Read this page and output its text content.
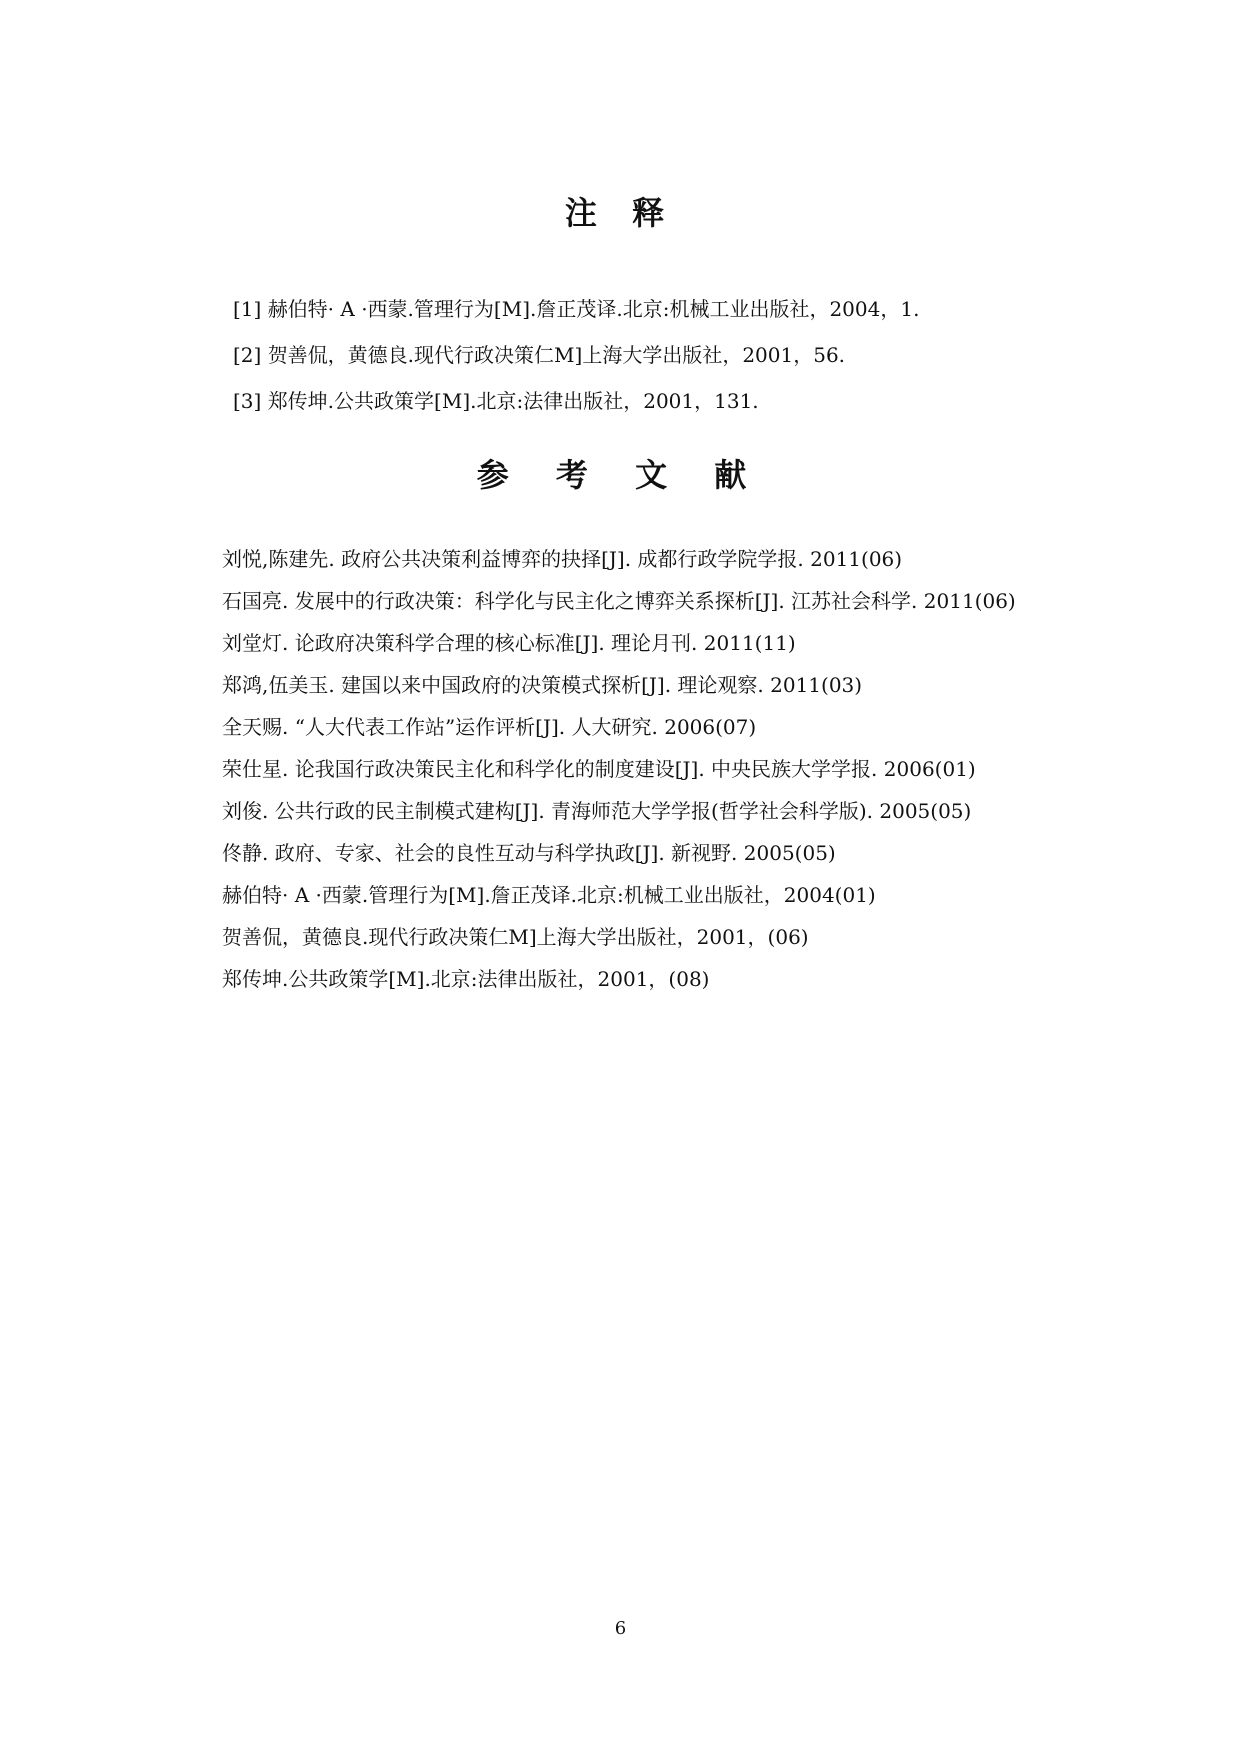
注 释
[1] 赫伯特· A ·西蒙.管理行为[M].詹正茂译.北京:机械工业出版社，2004，1.
[2] 贺善侃，黄德良.现代行政决策仁M]上海大学出版社，2001，56.
[3] 郑传坤.公共政策学[M].北京:法律出版社，2001，131.
参 考 文 献
刘悦,陈建先. 政府公共决策利益博弈的抉择[J]. 成都行政学院学报. 2011(06)
石国亮. 发展中的行政决策：科学化与民主化之博弈关系探析[J]. 江苏社会科学. 2011(06)
刘堂灯. 论政府决策科学合理的核心标准[J]. 理论月刊. 2011(11)
郑鸿,伍美玉. 建国以来中国政府的决策模式探析[J]. 理论观察. 2011(03)
全天赐. “人大代表工作站”运作评析[J]. 人大研究. 2006(07)
荣仕星. 论我国行政决策民主化和科学化的制度建设[J]. 中央民族大学学报. 2006(01)
刘俊. 公共行政的民主制模式建构[J]. 青海师范大学学报(哲学社会科学版). 2005(05)
佟静. 政府、专家、社会的良性互动与科学执政[J]. 新视野. 2005(05)
赫伯特· A ·西蒙.管理行为[M].詹正茂译.北京:机械工业出版社，2004(01)
贺善侃，黄德良.现代行政决策仁M]上海大学出版社，2001，(06)
郑传坤.公共政策学[M].北京:法律出版社，2001，(08)
6
